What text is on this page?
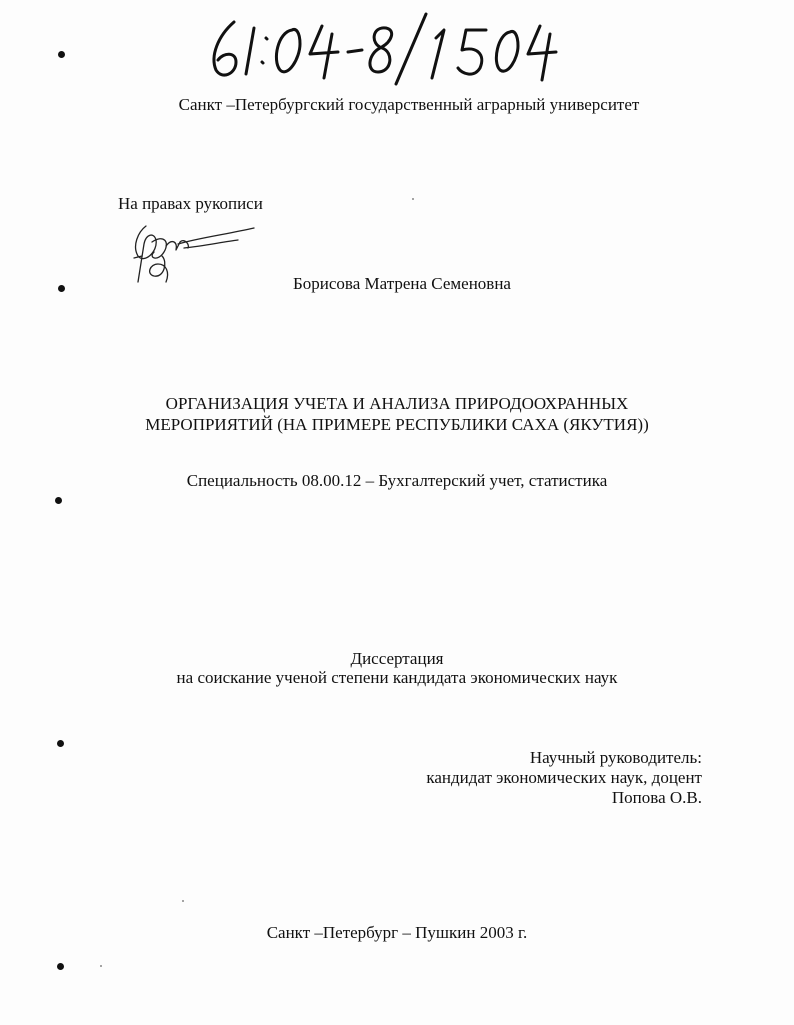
Санкт –Петербургский государственный аграрный университет
На правах рукописи
Борисова Матрена Семеновна
ОРГАНИЗАЦИЯ УЧЕТА И АНАЛИЗА ПРИРОДООХРАННЫХ
МЕРОПРИЯТИЙ (НА ПРИМЕРЕ РЕСПУБЛИКИ САХА (ЯКУТИЯ))
Специальность 08.00.12 – Бухгалтерский учет, статистика
Диссертация
на соискание ученой степени кандидата экономических наук
Научный руководитель:
кандидат экономических наук, доцент
Попова О.В.
Санкт –Петербург – Пушкин 2003 г.
